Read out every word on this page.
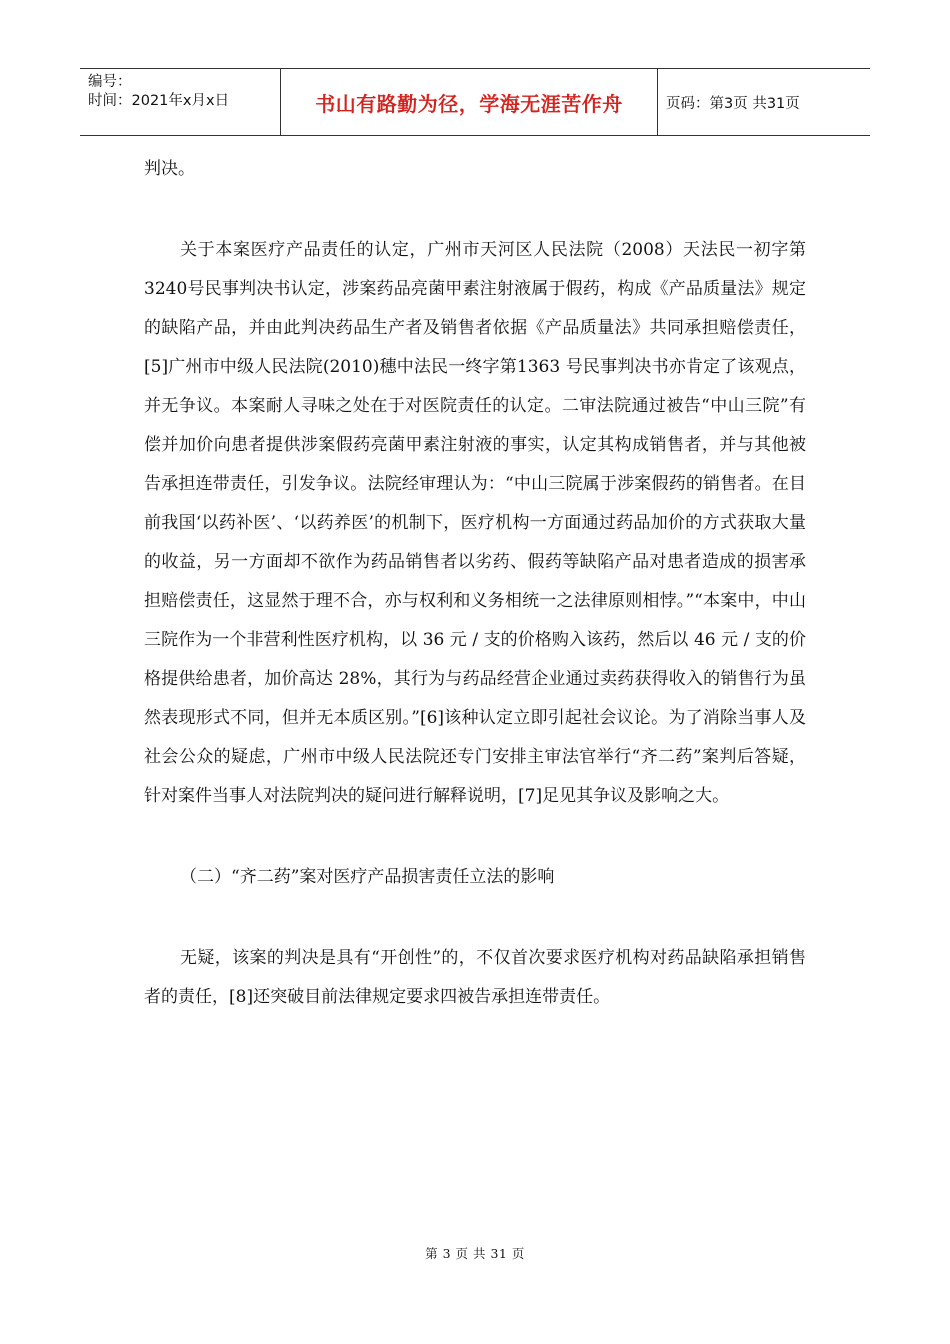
编号：
时间：2021年x月x日	书山有路勤为径，学海无涯苦作舟	页码：第3页 共31页

判决。

关于本案医疗产品责任的认定，广州市天河区人民法院（2008）天法民一初字第3240号民事判决书认定，涉案药品亮菌甲素注射液属于假药，构成《产品质量法》规定的缺陷产品，并由此判决药品生产者及销售者依据《产品质量法》共同承担赔偿责任，[5]广州市中级人民法院(2010)穗中法民一终字第1363 号民事判决书亦肯定了该观点，并无争议。本案耐人寻味之处在于对医院责任的认定。二审法院通过被告“中山三院”有偿并加价向患者提供涉案假药亮菌甲素注射液的事实，认定其构成销售者，并与其他被告承担连带责任，引发争议。法院经审理认为：“中山三院属于涉案假药的销售者。在目前我国‘以药补医’、‘以药养医’的机制下，医疗机构一方面通过药品加价的方式获取大量的收益，另一方面却不欲作为药品销售者以劣药、假药等缺陷产品对患者造成的损害承担赔偿责任，这显然于理不合，亦与权利和义务相统一之法律原则相悖。”“本案中，中山三院作为一个非营利性医疗机构，以 36 元 / 支的价格购入该药，然后以 46 元 / 支的价格提供给患者，加价高达 28%，其行为与药品经营企业通过卖药获得收入的销售行为虽然表现形式不同，但并无本质区别。”[6]该种认定立即引起社会议论。为了消除当事人及社会公众的疑虑，广州市中级人民法院还专门安排主审法官举行“齐二药”案判后答疑，针对案件当事人对法院判决的疑问进行解释说明，[7]足见其争议及影响之大。

（二）“齐二药”案对医疗产品损害责任立法的影响

无疑，该案的判决是具有“开创性”的，不仅首次要求医疗机构对药品缺陷承担销售者的责任，[8]还突破目前法律规定要求四被告承担连带责任。

第 3 页 共 31 页
